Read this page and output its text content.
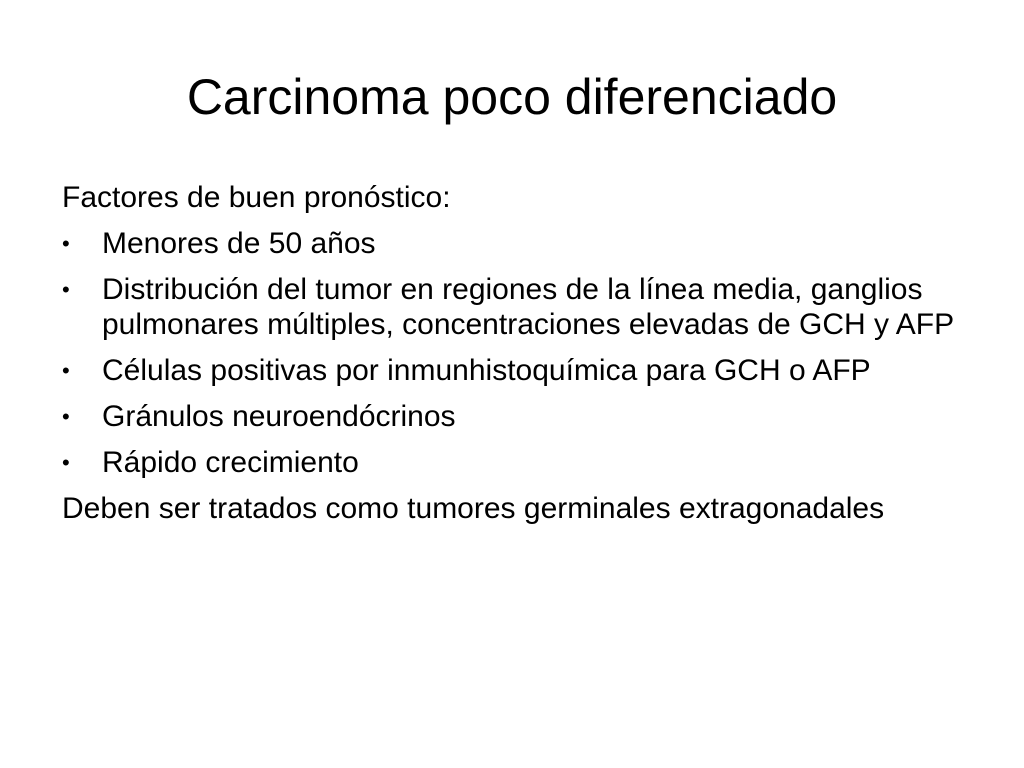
Carcinoma poco diferenciado

Factores de buen pronóstico:

•	Menores de 50 años
•	Distribución del tumor en regiones de la línea media, ganglios pulmonares múltiples, concentraciones elevadas de GCH y AFP
•	Células positivas por inmunhistoquímica para GCH o AFP
•	Gránulos neuroendócrinos
•	Rápido crecimiento

Deben ser tratados como tumores germinales extragonadales
